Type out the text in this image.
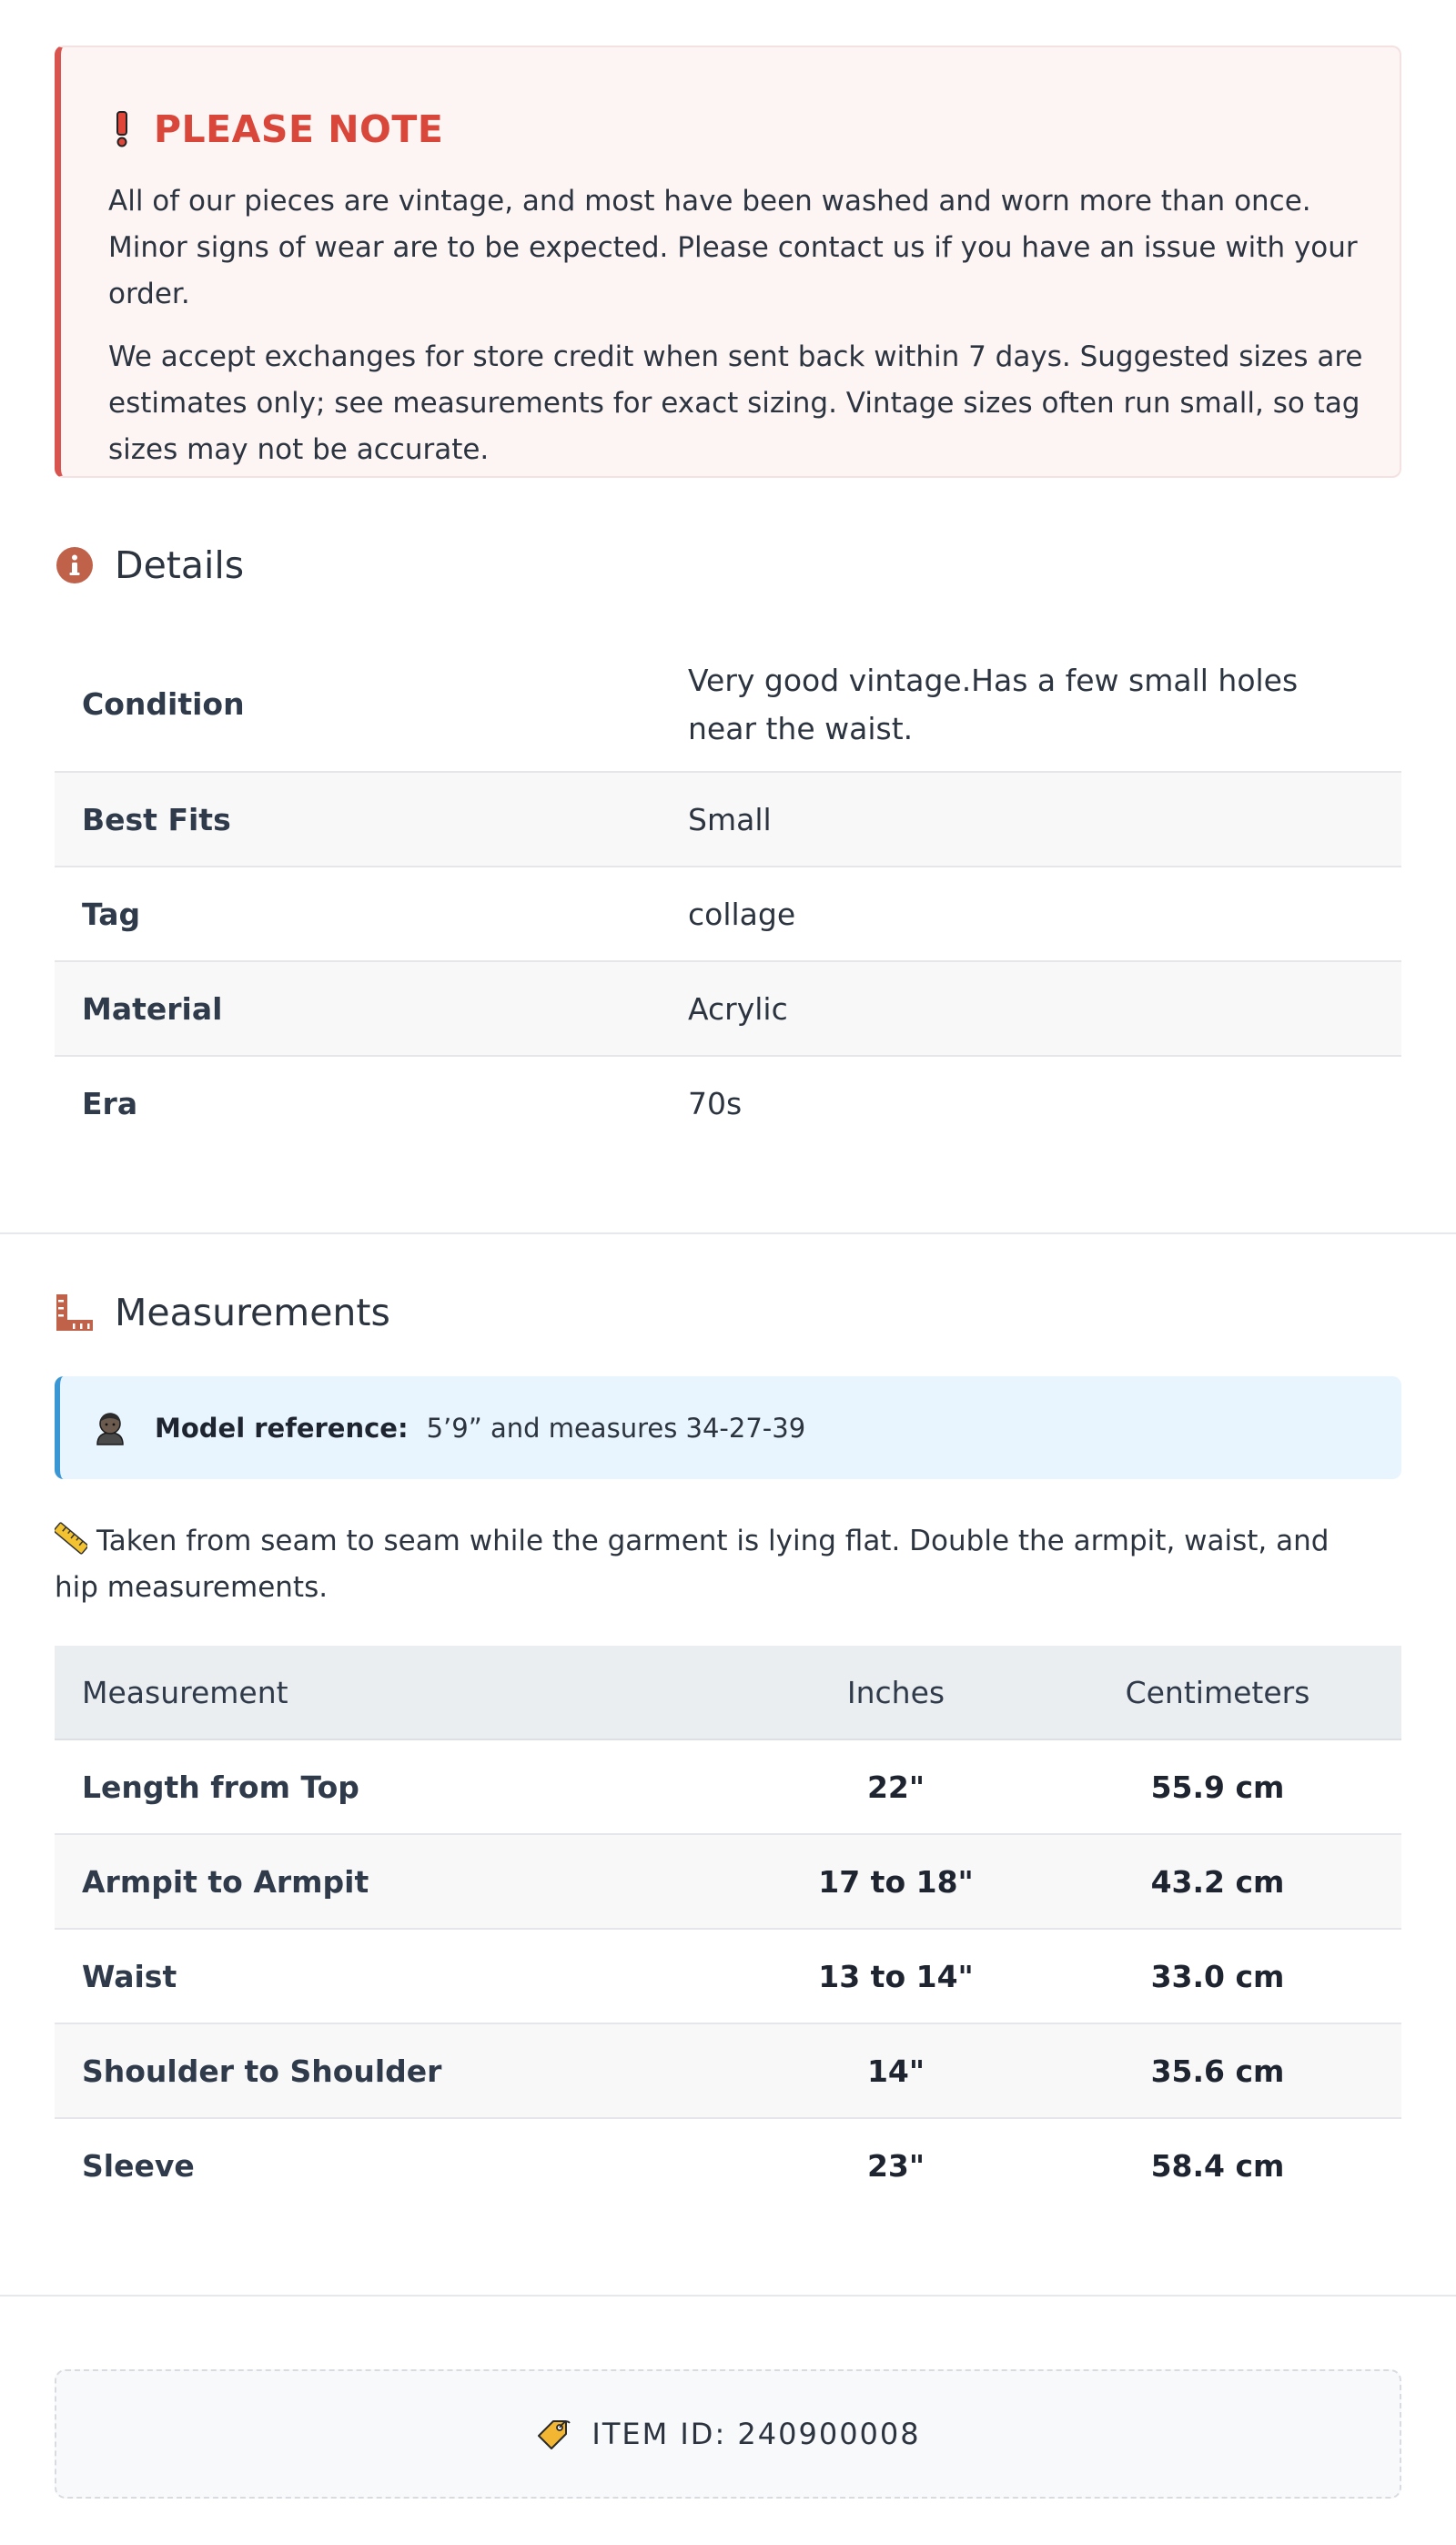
PLEASE NOTE

All of our pieces are vintage, and most have been washed and worn more than once. Minor signs of wear are to be expected. Please contact us if you have an issue with your order.

We accept exchanges for store credit when sent back within 7 days. Suggested sizes are estimates only; see measurements for exact sizing. Vintage sizes often run small, so tag sizes may not be accurate.

Details
Condition	Very good vintage.Has a few small holes near the waist.
Best Fits	Small
Tag	collage
Material	Acrylic
Era	70s
Measurements
Model reference: 5’9” and measures 34-27-39
Taken from seam to seam while the garment is lying flat. Double the armpit, waist, and hip measurements.
Measurement	Inches	Centimeters
Length from Top	22"	55.9 cm
Armpit to Armpit	17 to 18"	43.2 cm
Waist	13 to 14"	33.0 cm
Shoulder to Shoulder	14"	35.6 cm
Sleeve	23"	58.4 cm
ITEM ID: 240900008
